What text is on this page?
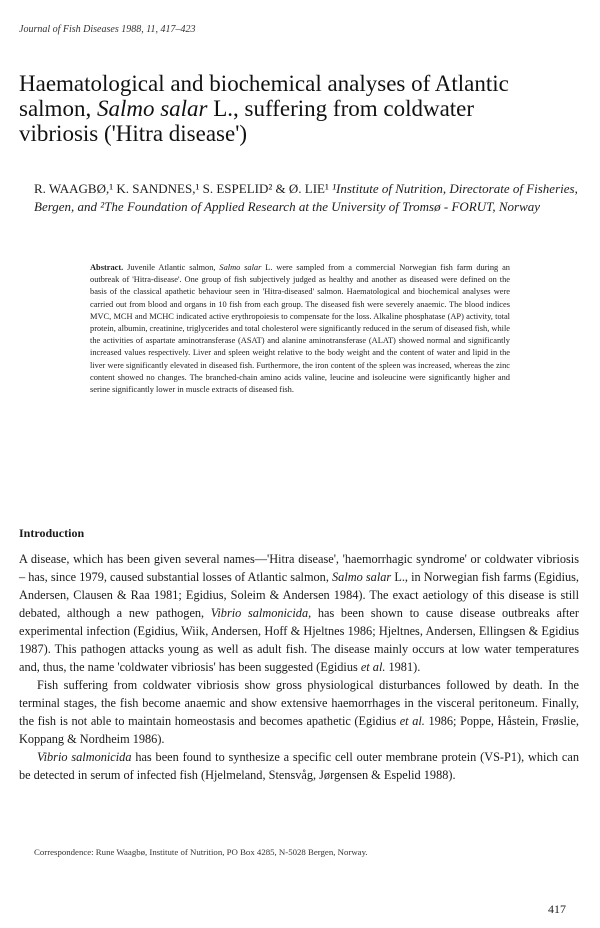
Journal of Fish Diseases 1988, 11, 417–423
Haematological and biochemical analyses of Atlantic salmon, Salmo salar L., suffering from coldwater vibriosis ('Hitra disease')
R. WAAGBØ,¹ K. SANDNES,¹ S. ESPELID² & Ø. LIE¹ ¹Institute of Nutrition, Directorate of Fisheries, Bergen, and ²The Foundation of Applied Research at the University of Tromsø - FORUT, Norway
Abstract. Juvenile Atlantic salmon, Salmo salar L. were sampled from a commercial Norwegian fish farm during an outbreak of 'Hitra-disease'. One group of fish subjectively judged as healthy and another as diseased were defined on the basis of the classical apathetic behaviour seen in 'Hitra-diseased' salmon. Haematological and biochemical analyses were carried out from blood and organs in 10 fish from each group. The diseased fish were severely anaemic. The blood indices MVC, MCH and MCHC indicated active erythropoiesis to compensate for the loss. Alkaline phosphatase (AP) activity, total protein, albumin, creatinine, triglycerides and total cholesterol were significantly reduced in the serum of diseased fish, while the activities of aspartate aminotransferase (ASAT) and alanine aminotransferase (ALAT) showed normal and significantly increased values respectively. Liver and spleen weight relative to the body weight and the content of water and lipid in the liver were significantly elevated in diseased fish. Furthermore, the iron content of the spleen was increased, whereas the zinc content showed no changes. The branched-chain amino acids valine, leucine and isoleucine were significantly higher and serine significantly lower in muscle extracts of diseased fish.
Introduction

A disease, which has been given several names—'Hitra disease', 'haemorrhagic syndrome' or coldwater vibriosis – has, since 1979, caused substantial losses of Atlantic salmon, Salmo salar L., in Norwegian fish farms (Egidius, Andersen, Clausen & Raa 1981; Egidius, Soleim & Andersen 1984). The exact aetiology of this disease is still debated, although a new pathogen, Vibrio salmonicida, has been shown to cause disease outbreaks after experimental infection (Egidius, Wiik, Andersen, Hoff & Hjeltnes 1986; Hjeltnes, Andersen, Ellingsen & Egidius 1987). This pathogen attacks young as well as adult fish. The disease mainly occurs at low water temperatures and, thus, the name 'coldwater vibriosis' has been suggested (Egidius et al. 1981).

Fish suffering from coldwater vibriosis show gross physiological disturbances followed by death. In the terminal stages, the fish become anaemic and show extensive haemorrhages in the visceral peritoneum. Finally, the fish is not able to maintain homeostasis and becomes apathetic (Egidius et al. 1986; Poppe, Håstein, Frøslie, Koppang & Nordheim 1986).

Vibrio salmonicida has been found to synthesize a specific cell outer membrane protein (VS-P1), which can be detected in serum of infected fish (Hjelmeland, Stensvåg, Jørgensen & Espelid 1988).

Correspondence: Rune Waagbø, Institute of Nutrition, PO Box 4285, N-5028 Bergen, Norway.
417
